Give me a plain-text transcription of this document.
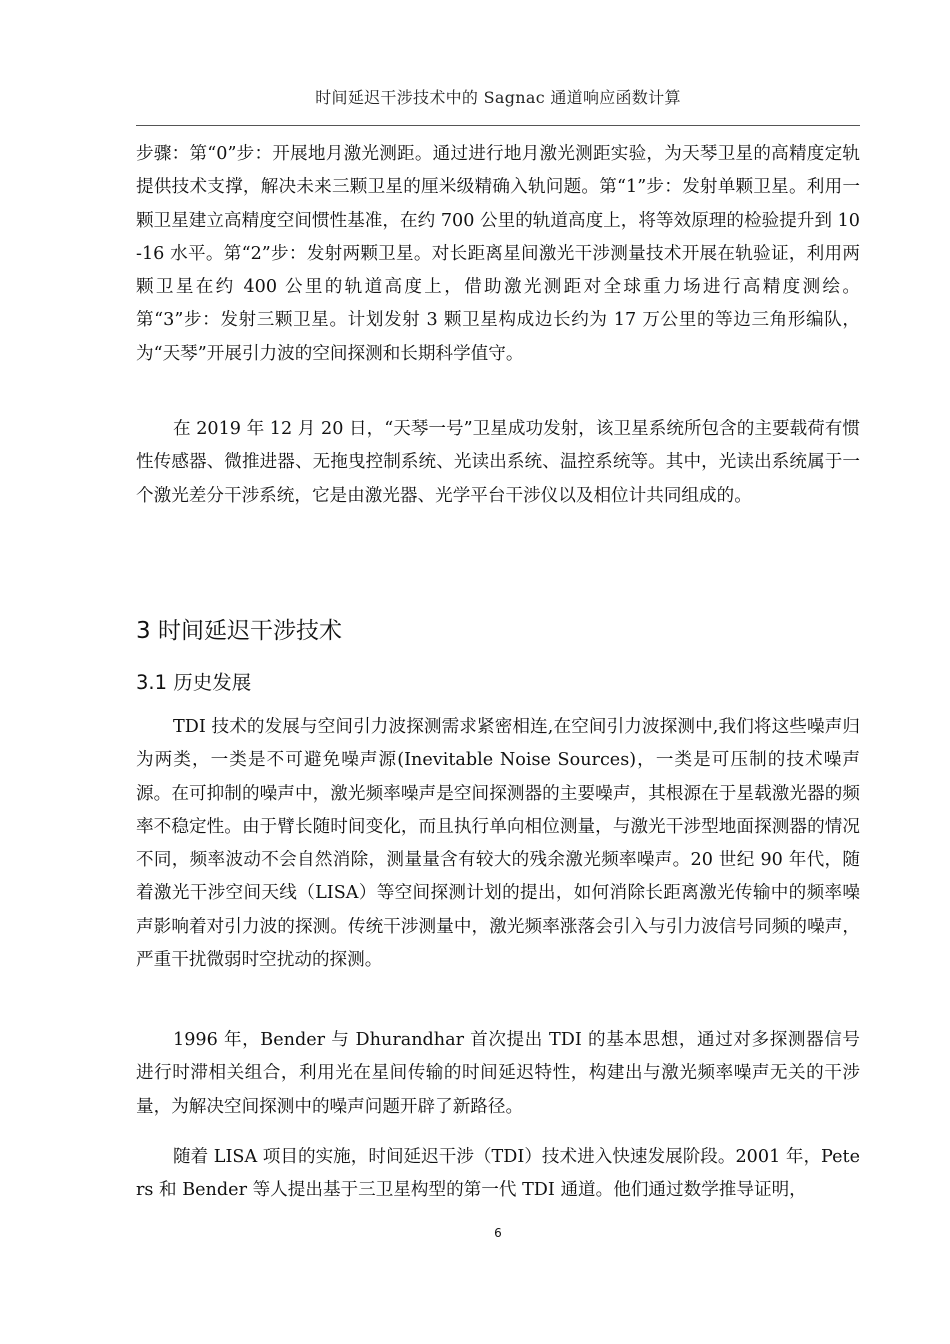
时间延迟干涉技术中的 Sagnac 通道响应函数计算

步骤：第“0”步：开展地月激光测距。通过进行地月激光测距实验，为天琴卫星的高精度定轨提供技术支撑，解决未来三颗卫星的厘米级精确入轨问题。第“1”步：发射单颗卫星。利用一颗卫星建立高精度空间惯性基准，在约 700 公里的轨道高度上，将等效原理的检验提升到 10-16 水平。第“2”步：发射两颗卫星。对长距离星间激光干涉测量技术开展在轨验证，利用两颗卫星在约 400 公里的轨道高度上，借助激光测距对全球重力场进行高精度测绘。第“3”步：发射三颗卫星。计划发射 3 颗卫星构成边长约为 17 万公里的等边三角形编队，为“天琴”开展引力波的空间探测和长期科学值守。

在 2019 年 12 月 20 日，“天琴一号”卫星成功发射，该卫星系统所包含的主要载荷有惯性传感器、微推进器、无拖曳控制系统、光读出系统、温控系统等。其中，光读出系统属于一个激光差分干涉系统，它是由激光器、光学平台干涉仪以及相位计共同组成的。

3 时间延迟干涉技术
3.1 历史发展

TDI 技术的发展与空间引力波探测需求紧密相连,在空间引力波探测中,我们将这些噪声归为两类，一类是不可避免噪声源(Inevitable Noise Sources)，一类是可压制的技术噪声源。在可抑制的噪声中，激光频率噪声是空间探测器的主要噪声，其根源在于星载激光器的频率不稳定性。由于臂长随时间变化，而且执行单向相位测量，与激光干涉型地面探测器的情况不同，频率波动不会自然消除，测量量含有较大的残余激光频率噪声。20 世纪 90 年代，随着激光干涉空间天线（LISA）等空间探测计划的提出，如何消除长距离激光传输中的频率噪声影响着对引力波的探测。传统干涉测量中，激光频率涨落会引入与引力波信号同频的噪声，严重干扰微弱时空扰动的探测。

1996 年，Bender 与 Dhurandhar 首次提出 TDI 的基本思想，通过对多探测器信号进行时滞相关组合，利用光在星间传输的时间延迟特性，构建出与激光频率噪声无关的干涉量，为解决空间探测中的噪声问题开辟了新路径。

随着 LISA 项目的实施，时间延迟干涉（TDI）技术进入快速发展阶段。2001 年，Peters 和 Bender 等人提出基于三卫星构型的第一代 TDI 通道。他们通过数学推导证明，

6
